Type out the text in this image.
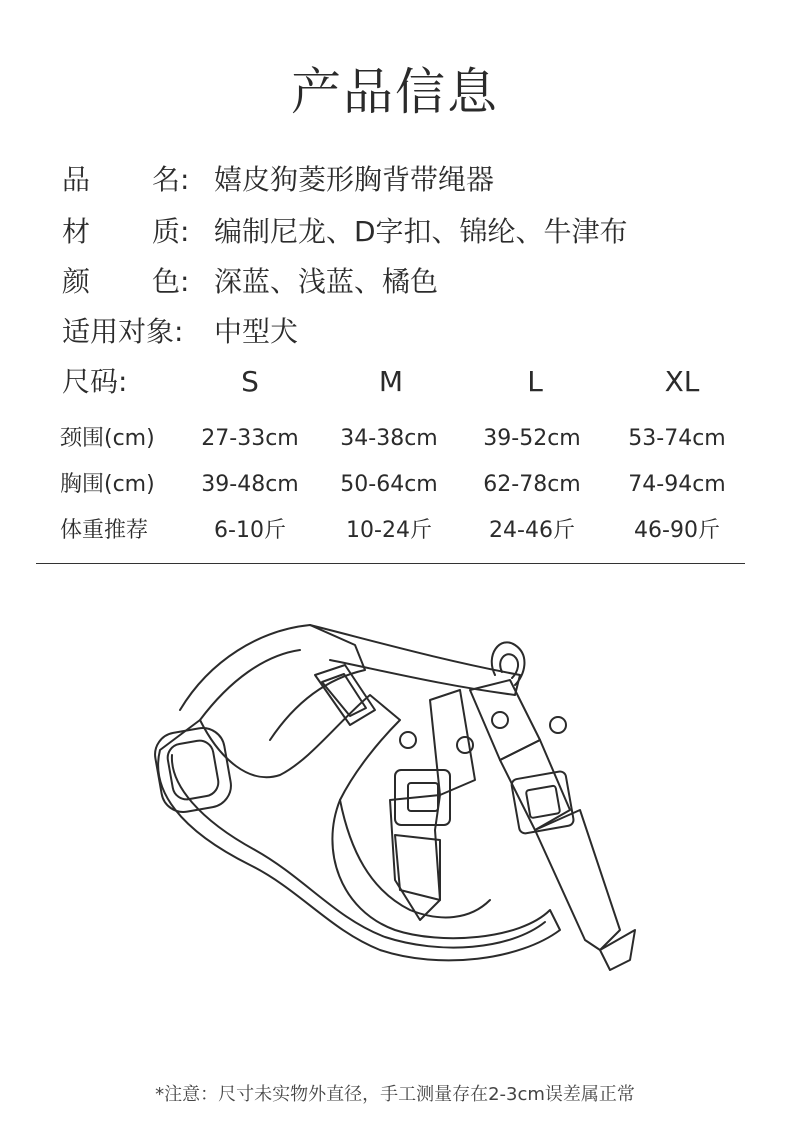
产品信息
品	名: 嬉皮狗菱形胸背带绳器
材	质: 编制尼龙、D字扣、锦纶、牛津布
颜	色: 深蓝、浅蓝、橘色
适用对象:	中型犬
尺码:	S	M	L	XL
颈围(cm)	27-33cm	34-38cm	39-52cm	53-74cm
胸围(cm)	39-48cm	50-64cm	62-78cm	74-94cm
体重推荐	6-10斤	10-24斤	24-46斤	46-90斤
*注意：尺寸未实物外直径，手工测量存在2-3cm误差属正常
